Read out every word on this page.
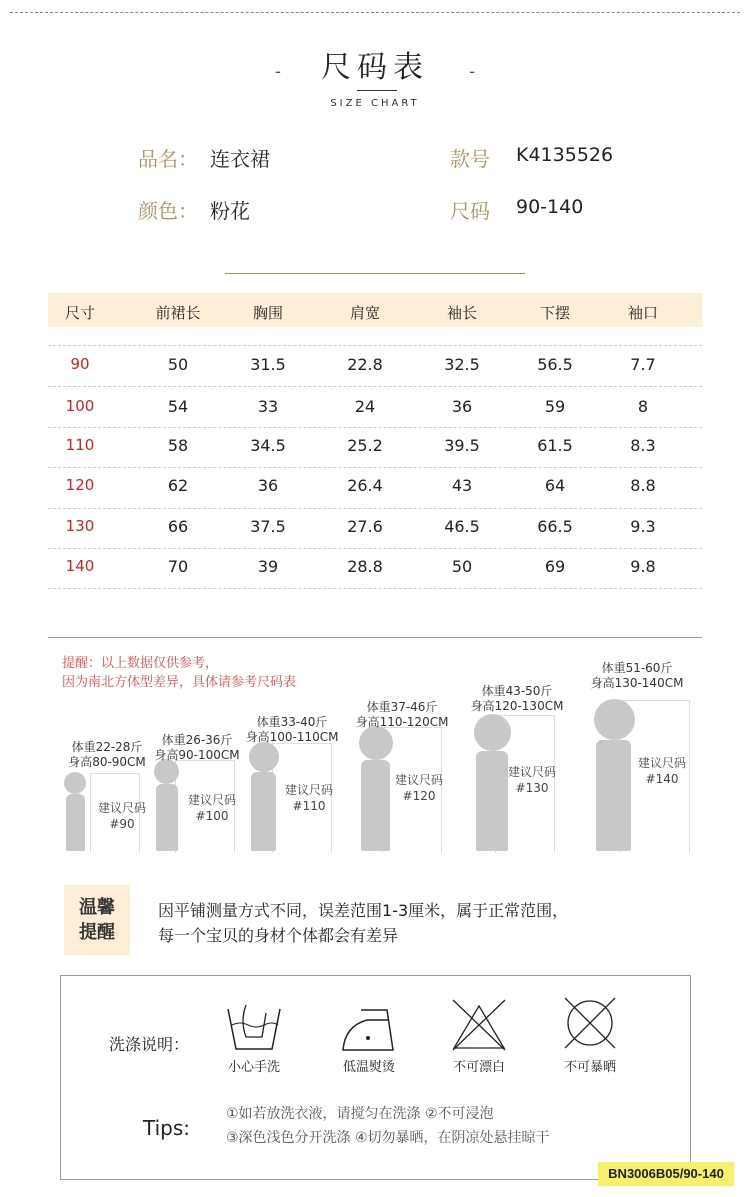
- 尺码表 -
SIZE CHART
品名： 连衣裙	款号 K4135526
颜色： 粉花	尺码 90-140
尺寸	前裙长	胸围	肩宽	袖长	下摆	袖口
90	50	31.5	22.8	32.5	56.5	7.7
100	54	33	24	36	59	8
110	58	34.5	25.2	39.5	61.5	8.3
120	62	36	26.4	43	64	8.8
130	66	37.5	27.6	46.5	66.5	9.3
140	70	39	28.8	50	69	9.8
提醒：以上数据仅供参考，
因为南北方体型差异，具体请参考尺码表
体重22-28斤
身高80-90CM
建议尺码
#90
体重26-36斤
身高90-100CM
建议尺码
#100
体重33-40斤
身高100-110CM
建议尺码
#110
体重37-46斤
身高110-120CM
建议尺码
#120
体重43-50斤
身高120-130CM
建议尺码
#130
体重51-60斤
身高130-140CM
建议尺码
#140
温馨
提醒
因平铺测量方式不同，误差范围1-3厘米，属于正常范围，
每一个宝贝的身材个体都会有差异
洗涤说明：
小心手洗	低温熨烫	不可漂白	不可暴晒
Tips:
①如若放洗衣液，请搅匀在洗涤 ②不可浸泡
③深色浅色分开洗涤 ④切勿暴晒，在阴凉处悬挂晾干
BN3006B05/90-140
